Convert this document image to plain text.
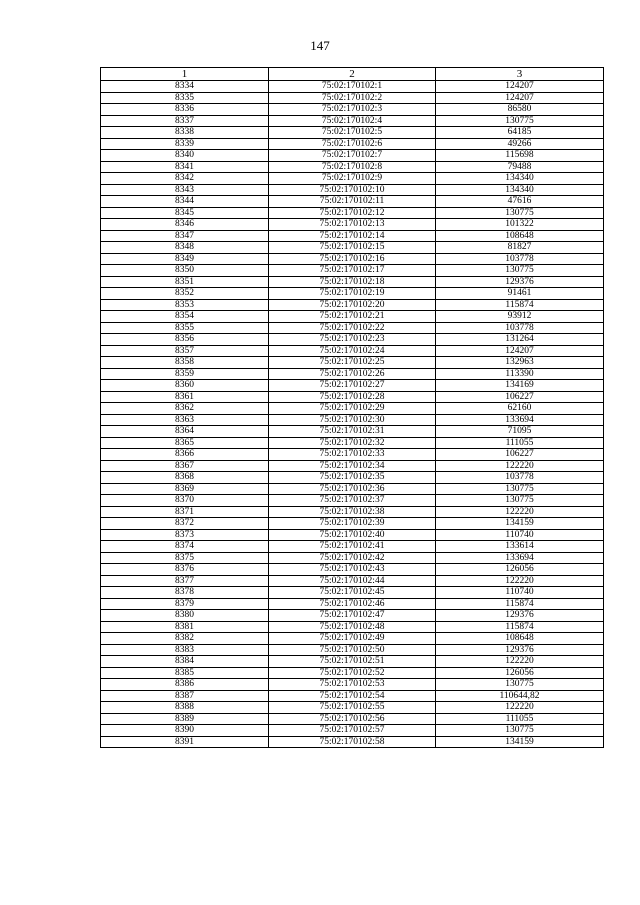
147
1	2	3
8334	75:02:170102:1	124207
8335	75:02:170102:2	124207
8336	75:02:170102:3	86580
8337	75:02:170102:4	130775
8338	75:02:170102:5	64185
8339	75:02:170102:6	49266
8340	75:02:170102:7	115698
8341	75:02:170102:8	79488
8342	75:02:170102:9	134340
8343	75:02:170102:10	134340
8344	75:02:170102:11	47616
8345	75:02:170102:12	130775
8346	75:02:170102:13	101322
8347	75:02:170102:14	108648
8348	75:02:170102:15	81827
8349	75:02:170102:16	103778
8350	75:02:170102:17	130775
8351	75:02:170102:18	129376
8352	75:02:170102:19	91461
8353	75:02:170102:20	115874
8354	75:02:170102:21	93912
8355	75:02:170102:22	103778
8356	75:02:170102:23	131264
8357	75:02:170102:24	124207
8358	75:02:170102:25	132963
8359	75:02:170102:26	113390
8360	75:02:170102:27	134169
8361	75:02:170102:28	106227
8362	75:02:170102:29	62160
8363	75:02:170102:30	133694
8364	75:02:170102:31	71095
8365	75:02:170102:32	111055
8366	75:02:170102:33	106227
8367	75:02:170102:34	122220
8368	75:02:170102:35	103778
8369	75:02:170102:36	130775
8370	75:02:170102:37	130775
8371	75:02:170102:38	122220
8372	75:02:170102:39	134159
8373	75:02:170102:40	110740
8374	75:02:170102:41	133614
8375	75:02:170102:42	133694
8376	75:02:170102:43	126056
8377	75:02:170102:44	122220
8378	75:02:170102:45	110740
8379	75:02:170102:46	115874
8380	75:02:170102:47	129376
8381	75:02:170102:48	115874
8382	75:02:170102:49	108648
8383	75:02:170102:50	129376
8384	75:02:170102:51	122220
8385	75:02:170102:52	126056
8386	75:02:170102:53	130775
8387	75:02:170102:54	110644,82
8388	75:02:170102:55	122220
8389	75:02:170102:56	111055
8390	75:02:170102:57	130775
8391	75:02:170102:58	134159
